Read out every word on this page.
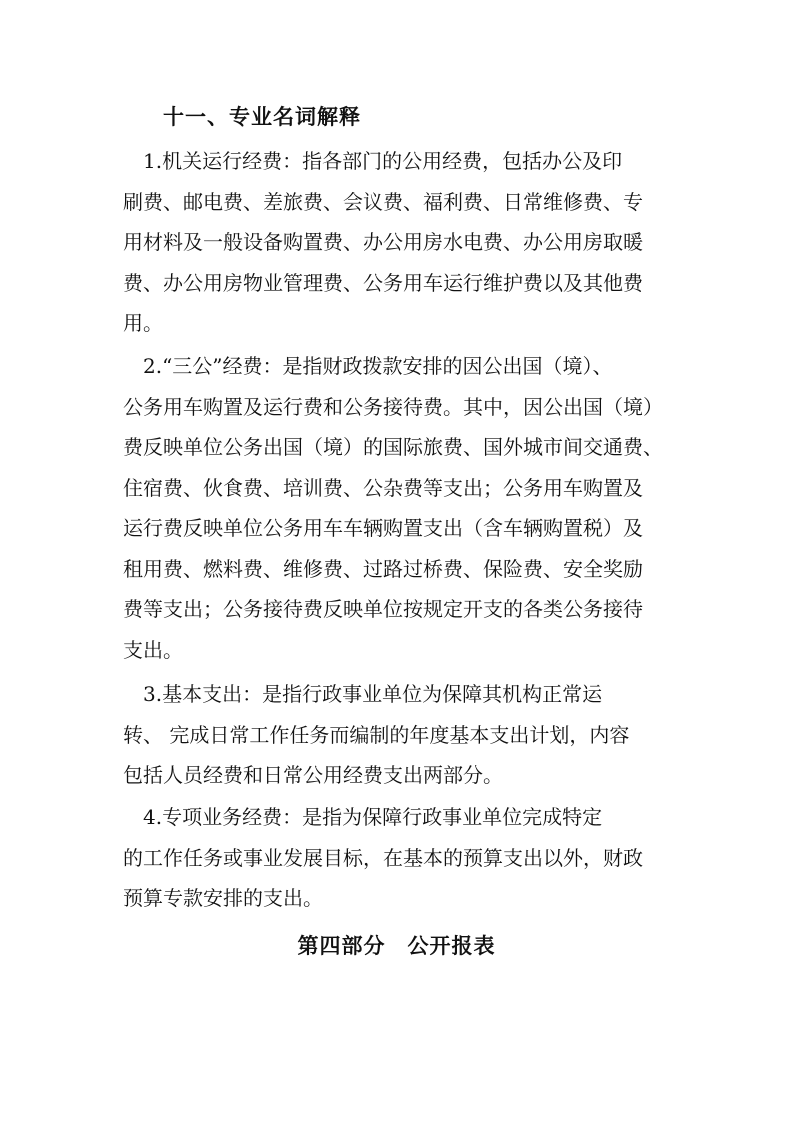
十一、专业名词解释
　1.机关运行经费：指各部门的公用经费，包括办公及印
刷费、邮电费、差旅费、会议费、福利费、日常维修费、专
用材料及一般设备购置费、办公用房水电费、办公用房取暖
费、办公用房物业管理费、公务用车运行维护费以及其他费
用。
　2.“三公”经费：是指财政拨款安排的因公出国（境）、
公务用车购置及运行费和公务接待费。其中，因公出国（境）
费反映单位公务出国（境）的国际旅费、国外城市间交通费、
住宿费、伙食费、培训费、公杂费等支出；公务用车购置及
运行费反映单位公务用车车辆购置支出（含车辆购置税）及
租用费、燃料费、维修费、过路过桥费、保险费、安全奖励
费等支出；公务接待费反映单位按规定开支的各类公务接待
支出。
　3.基本支出：是指行政事业单位为保障其机构正常运
转、 完成日常工作任务而编制的年度基本支出计划，内容
包括人员经费和日常公用经费支出两部分。
　4.专项业务经费：是指为保障行政事业单位完成特定
的工作任务或事业发展目标，在基本的预算支出以外，财政
预算专款安排的支出。
第四部分　公开报表
